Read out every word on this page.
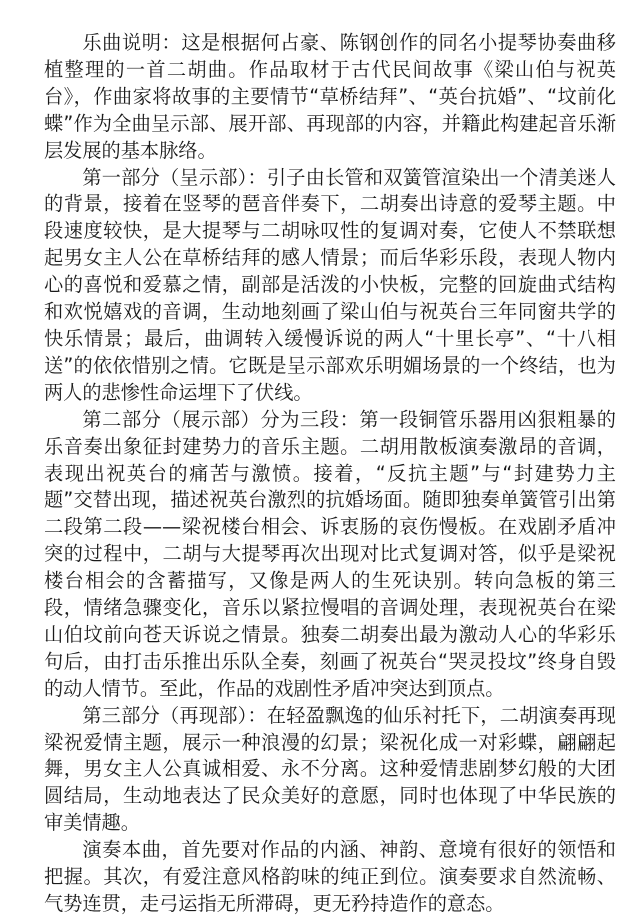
乐曲说明：这是根据何占豪、陈钢创作的同名小提琴协奏曲移植整理的一首二胡曲。作品取材于古代民间故事《梁山伯与祝英台》，作曲家将故事的主要情节“草桥结拜”、“英台抗婚”、“坟前化蝶”作为全曲呈示部、展开部、再现部的内容，并籍此构建起音乐渐层发展的基本脉络。

第一部分（呈示部）：引子由长管和双簧管渲染出一个清美迷人的背景，接着在竖琴的琶音伴奏下，二胡奏出诗意的爱琴主题。中段速度较快，是大提琴与二胡咏叹性的复调对奏，它使人不禁联想起男女主人公在草桥结拜的感人情景；而后华彩乐段，表现人物内心的喜悦和爱慕之情，副部是活泼的小快板，完整的回旋曲式结构和欢悦嬉戏的音调，生动地刻画了梁山伯与祝英台三年同窗共学的快乐情景；最后，曲调转入缓慢诉说的两人“十里长亭”、“十八相送”的依依惜别之情。它既是呈示部欢乐明媚场景的一个终结，也为两人的悲惨性命运埋下了伏线。

第二部分（展示部）分为三段：第一段铜管乐器用凶狠粗暴的乐音奏出象征封建势力的音乐主题。二胡用散板演奏激昂的音调，表现出祝英台的痛苦与激愤。接着，“反抗主题”与“封建势力主题”交替出现，描述祝英台激烈的抗婚场面。随即独奏单簧管引出第二段第二段——梁祝楼台相会、诉衷肠的哀伤慢板。在戏剧矛盾冲突的过程中，二胡与大提琴再次出现对比式复调对答，似乎是梁祝楼台相会的含蓄描写，又像是两人的生死诀别。转向急板的第三段，情绪急骤变化，音乐以紧拉慢唱的音调处理，表现祝英台在梁山伯坟前向苍天诉说之情景。独奏二胡奏出最为激动人心的华彩乐句后，由打击乐推出乐队全奏，刻画了祝英台“哭灵投坟”终身自毁的动人情节。至此，作品的戏剧性矛盾冲突达到顶点。

第三部分（再现部）：在轻盈飘逸的仙乐衬托下，二胡演奏再现梁祝爱情主题，展示一种浪漫的幻景；梁祝化成一对彩蝶，翩翩起舞，男女主人公真诚相爱、永不分离。这种爱情悲剧梦幻般的大团圆结局，生动地表达了民众美好的意愿，同时也体现了中华民族的审美情趣。

演奏本曲，首先要对作品的内涵、神韵、意境有很好的领悟和把握。其次，有爱注意风格韵味的纯正到位。演奏要求自然流畅、气势连贯，走弓运指无所滞碍，更无矜持造作的意态。
